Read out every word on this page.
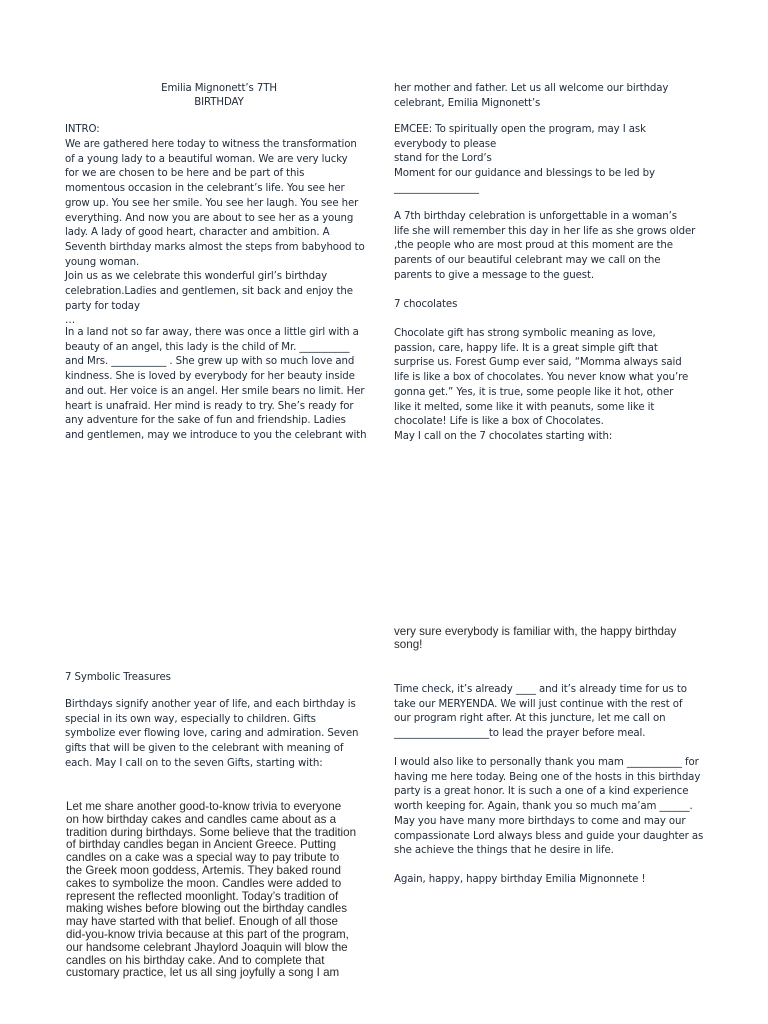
Emilia Mignonett’s 7TH

BIRTHDAY

INTRO:

We are gathered here today to witness the transformation
of a young lady to a beautiful woman. We are very lucky
for we are chosen to be here and be part of this
momentous occasion in the celebrant’s life. You see her
grow up. You see her smile. You see her laugh. You see her
everything. And now you are about to see her as a young
lady. A lady of good heart, character and ambition. A
Seventh birthday marks almost the steps from babyhood to
young woman.
Join us as we celebrate this wonderful girl’s birthday
celebration.Ladies and gentlemen, sit back and enjoy the
party for today
…

In a land not so far away, there was once a little girl with a
beauty of an angel, this lady is the child of Mr. __________
and Mrs. ___________ . She grew up with so much love and
kindness. She is loved by everybody for her beauty inside
and out. Her voice is an angel. Her smile bears no limit. Her
heart is unafraid. Her mind is ready to try. She’s ready for
any adventure for the sake of fun and friendship. Ladies
and gentlemen, may we introduce to you the celebrant with

7 Symbolic Treasures

Birthdays signify another year of life, and each birthday is
special in its own way, especially to children. Gifts
symbolize ever flowing love, caring and admiration. Seven
gifts that will be given to the celebrant with meaning of
each. May I call on to the seven Gifts, starting with:

Let me share another good-to-know trivia to everyone
on how birthday cakes and candles came about as a
tradition during birthdays. Some believe that the tradition
of birthday candles began in Ancient Greece. Putting
candles on a cake was a special way to pay tribute to
the Greek moon goddess, Artemis. They baked round
cakes to symbolize the moon. Candles were added to
represent the reflected moonlight. Today’s tradition of
making wishes before blowing out the birthday candles
may have started with that belief. Enough of all those
did-you-know trivia because at this part of the program,
our handsome celebrant Jhaylord Joaquin will blow the
candles on his birthday cake. And to complete that
customary practice, let us all sing joyfully a song I am

her mother and father. Let us all welcome our birthday
celebrant, Emilia Mignonett’s

EMCEE: To spiritually open the program, may I ask
everybody to please
stand for the Lord’s
Moment for our guidance and blessings to be led by
_________________

A 7th birthday celebration is unforgettable in a woman’s
life she will remember this day in her life as she grows older
,the people who are most proud at this moment are the
parents of our beautiful celebrant may we call on the
parents to give a message to the guest.

7 chocolates

Chocolate gift has strong symbolic meaning as love,
passion, care, happy life. It is a great simple gift that
surprise us. Forest Gump ever said, “Momma always said
life is like a box of chocolates. You never know what you’re
gonna get.” Yes, it is true, some people like it hot, other
like it melted, some like it with peanuts, some like it
chocolate! Life is like a box of Chocolates.
May I call on the 7 chocolates starting with:

very sure everybody is familiar with, the happy birthday
song!

Time check, it’s already ____ and it’s already time for us to
take our MERYENDA. We will just continue with the rest of
our program right after. At this juncture, let me call on
___________________to lead the prayer before meal.

I would also like to personally thank you mam ___________ for
having me here today. Being one of the hosts in this birthday
party is a great honor. It is such a one of a kind experience
worth keeping for. Again, thank you so much ma’am ______.
May you have many more birthdays to come and may our
compassionate Lord always bless and guide your daughter as
she achieve the things that he desire in life.

Again, happy, happy birthday Emilia Mignonnete !
